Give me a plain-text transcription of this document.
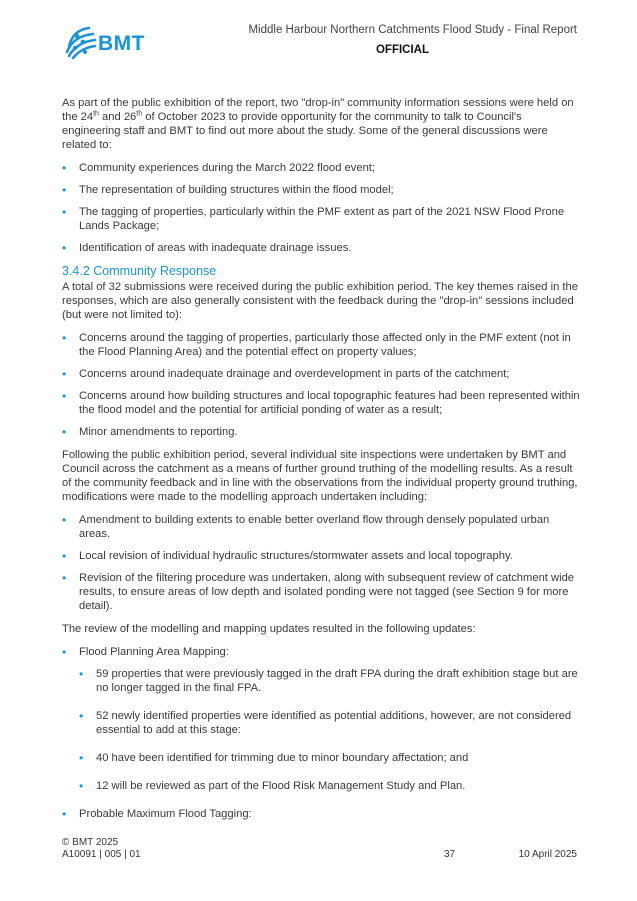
BMT
Middle Harbour Northern Catchments Flood Study - Final Report
OFFICIAL

As part of the public exhibition of the report, two "drop-in" community information sessions were held on the 24th and 26th of October 2023 to provide opportunity for the community to talk to Council's engineering staff and BMT to find out more about the study. Some of the general discussions were related to:

• Community experiences during the March 2022 flood event;
• The representation of building structures within the flood model;
• The tagging of properties, particularly within the PMF extent as part of the 2021 NSW Flood Prone Lands Package;
• Identification of areas with inadequate drainage issues.
3.4.2 Community Response

A total of 32 submissions were received during the public exhibition period. The key themes raised in the responses, which are also generally consistent with the feedback during the "drop-in" sessions included (but were not limited to):

• Concerns around the tagging of properties, particularly those affected only in the PMF extent (not in the Flood Planning Area) and the potential effect on property values;
• Concerns around inadequate drainage and overdevelopment in parts of the catchment;
• Concerns around how building structures and local topographic features had been represented within the flood model and the potential for artificial ponding of water as a result;
• Minor amendments to reporting.

Following the public exhibition period, several individual site inspections were undertaken by BMT and Council across the catchment as a means of further ground truthing of the modelling results. As a result of the community feedback and in line with the observations from the individual property ground truthing, modifications were made to the modelling approach undertaken including:

• Amendment to building extents to enable better overland flow through densely populated urban areas.
• Local revision of individual hydraulic structures/stormwater assets and local topography.
• Revision of the filtering procedure was undertaken, along with subsequent review of catchment wide results, to ensure areas of low depth and isolated ponding were not tagged (see Section 9 for more detail).

The review of the modelling and mapping updates resulted in the following updates:

• Flood Planning Area Mapping:
• 59 properties that were previously tagged in the draft FPA during the draft exhibition stage but are no longer tagged in the final FPA.
• 52 newly identified properties were identified as potential additions, however, are not considered essential to add at this stage:
• 40 have been identified for trimming due to minor boundary affectation; and
• 12 will be reviewed as part of the Flood Risk Management Study and Plan.
• Probable Maximum Flood Tagging:
© BMT 2025
A10091 | 005 | 01	37	10 April 2025
